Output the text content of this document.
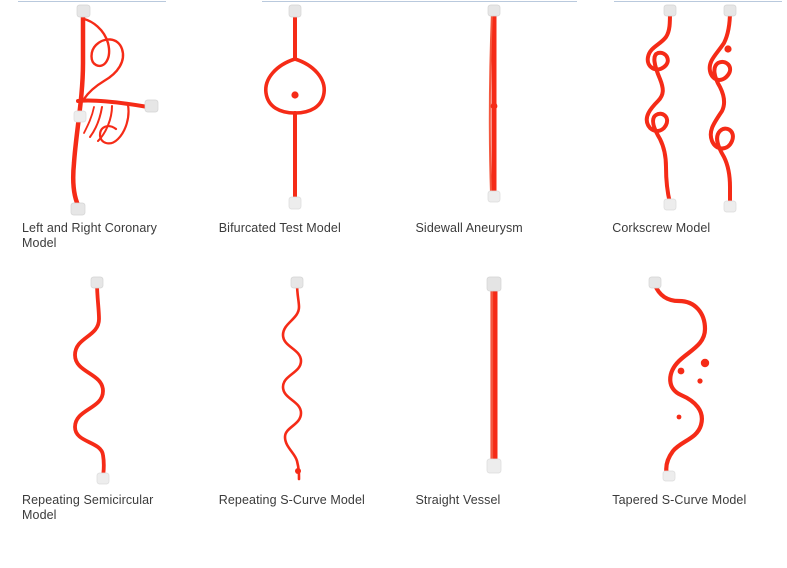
Left and Right Coronary Model
Bifurcated Test Model	Sidewall Aneurysm	Corkscrew Model
Repeating Semicircular Model
Repeating S-Curve Model	Straight Vessel	Tapered S-Curve Model
